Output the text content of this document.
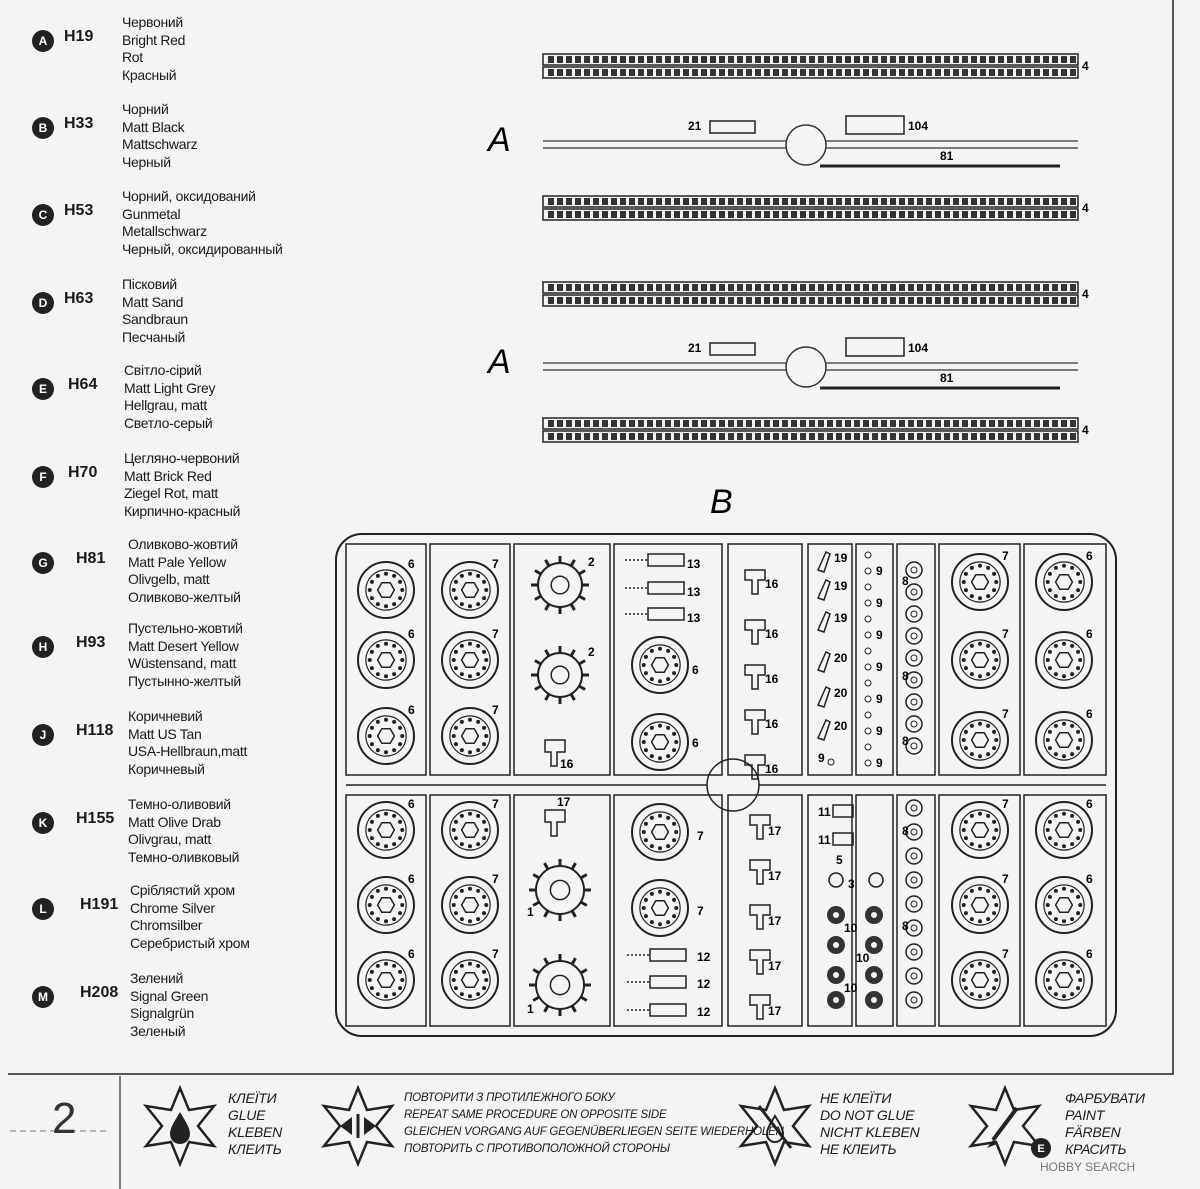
A	H19
Червоний
Bright Red
Rot
Красный
B	H33
Чорний
Matt Black
Mattschwarz
Черный
C	H53
Чорний, оксидований
Gunmetal
Metallschwarz
Черный, оксидированный
D	H63
Пісковий
Matt Sand
Sandbraun
Песчаный
E	H64
Світло-сірий
Matt Light Grey
Hellgrau, matt
Светло-серый
F	H70
Цегляно-червоний
Matt Brick Red
Ziegel Rot, matt
Кирпично-красный
G	H81
Оливково-жовтий
Matt Pale Yellow
Olivgelb, matt
Оливково-желтый
H	H93
Пустельно-жовтий
Matt Desert Yellow
Wüstensand, matt
Пустынно-желтый
J	H118
Коричневий
Matt US Tan
USA-Hellbraun,matt
Коричневый
K	H155
Темно-оливовий
Matt Olive Drab
Olivgrau, matt
Темно-оливковый
L	H191
Сріблястий хром
Chrome Silver
Chromsilber
Серебристый хром
M	H208
Зелений
Signal Green
Signalgrün
Зеленый
4
4
4
4
A	21	104
81
A	21	104
81
B
6
6
6
6
6
6
7
7
7
7
7
7
7
7
7
7
7
7
6
6
6
6
6
6
2
2
1
1
16
17
13
13
13
6
6
7
7
12
12
12
16
16
16
16
16
17
17
17
17
17
19
19
19
20
20
20
9
11
11
5
3
10
10
10
9
9
9
9
9
9
9
8
8
8
8
8
2	КЛЕЇТИ
GLUE
KLEBEN
КЛЕИТЬ
ПОВТОРИТИ З ПРОТИЛЕЖНОГО БОКУ
REPEAT SAME PROCEDURE ON OPPOSITE SIDE
GLEICHEN VORGANG AUF GEGENÜBERLIEGEN SEITE WIEDERHOLEN
ПОВТОРИТЬ С ПРОТИВОПОЛОЖНОЙ СТОРОНЫ
НЕ КЛЕЇТИ
DO NOT GLUE
NICHT KLEBEN
НЕ КЛЕИТЬ
ФАРБУВАТИ
PAINT
FÄRBEN
КРАСИТЬ
E
HOBBY SEARCH
